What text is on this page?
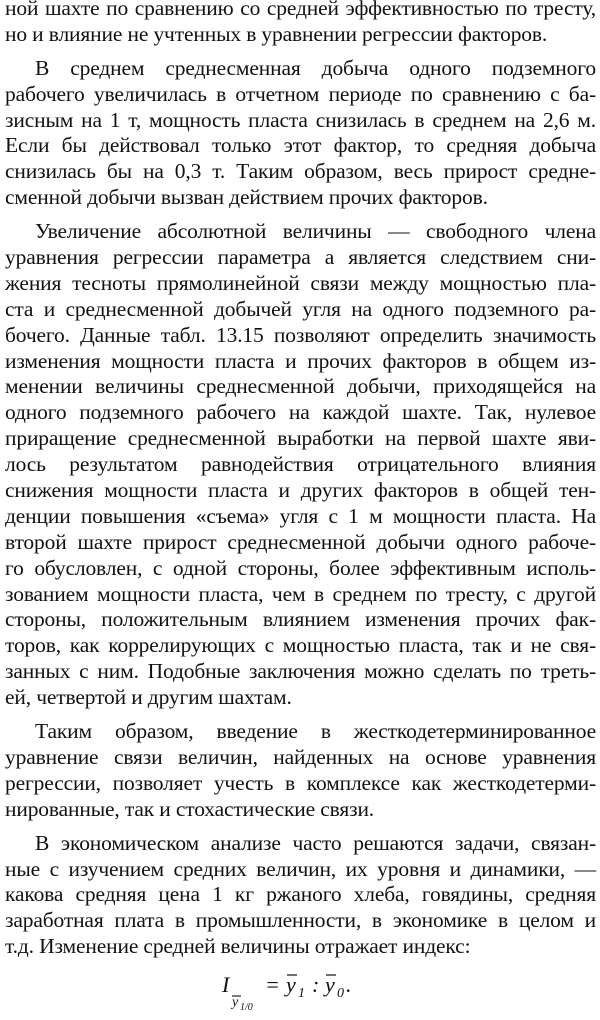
ной шахте по сравнению со средней эффективностью по тресту,
но и влияние не учтенных в уравнении регрессии факторов.
В среднем среднесменная добыча одного подземного
рабочего увеличилась в отчетном периоде по сравнению с ба-
зисным на 1 т, мощность пласта снизилась в среднем на 2,6 м.
Если бы действовал только этот фактор, то средняя добыча
снизилась бы на 0,3 т. Таким образом, весь прирост средне-
сменной добычи вызван действием прочих факторов.
Увеличение абсолютной величины — свободного члена
уравнения регрессии параметра а является следствием сни-
жения тесноты прямолинейной связи между мощностью пла-
ста и среднесменной добычей угля на одного подземного ра-
бочего. Данные табл. 13.15 позволяют определить значимость
изменения мощности пласта и прочих факторов в общем из-
менении величины среднесменной добычи, приходящейся на
одного подземного рабочего на каждой шахте. Так, нулевое
приращение среднесменной выработки на первой шахте яви-
лось результатом равнодействия отрицательного влияния
снижения мощности пласта и других факторов в общей тен-
денции повышения «съема» угля с 1 м мощности пласта. На
второй шахте прирост среднесменной добычи одного рабоче-
го обусловлен, с одной стороны, более эффективным исполь-
зованием мощности пласта, чем в среднем по тресту, с другой
стороны, положительным влиянием изменения прочих фак-
торов, как коррелирующих с мощностью пласта, так и не свя-
занных с ним. Подобные заключения можно сделать по треть-
ей, четвертой и другим шахтам.
Таким образом, введение в жесткодетерминированное
уравнение связи величин, найденных на основе уравнения
регрессии, позволяет учесть в комплексе как жесткодетерми-
нированные, так и стохастические связи.
В экономическом анализе часто решаются задачи, связан-
ные с изучением средних величин, их уровня и динамики, —
какова средняя цена 1 кг ржаного хлеба, говядины, средняя
заработная плата в промышленности, в экономике в целом и
т.д. Изменение средней величины отражает индекс:
I
y 1/0
= y 1 : y 0 .
